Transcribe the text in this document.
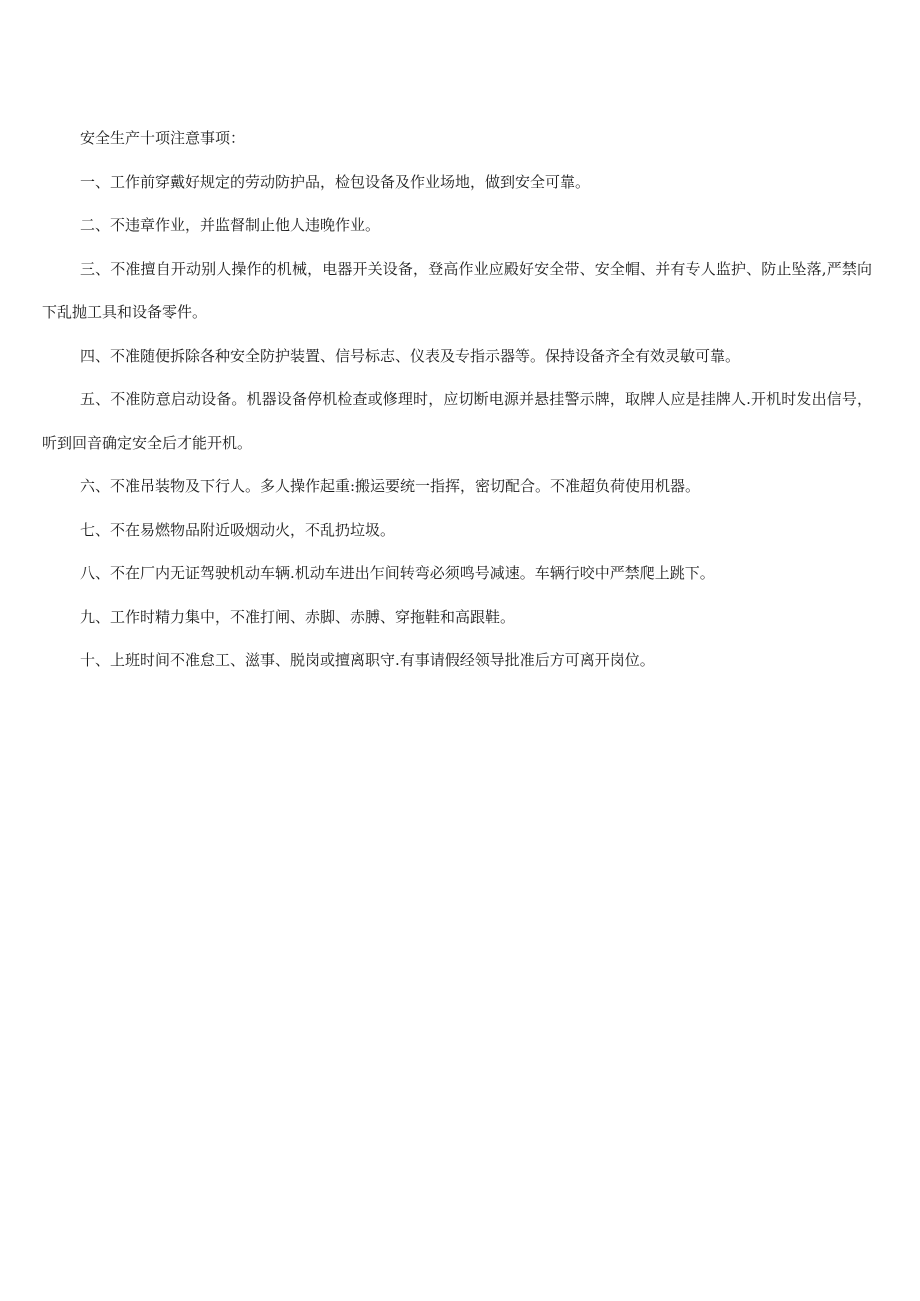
安全生产十项注意事项：

一、工作前穿戴好规定的劳动防护品，检包设备及作业场地，做到安全可靠。

二、不违章作业，并监督制止他人违晚作业。

三、不准擅自开动别人操作的机械，电器开关设备，登高作业应殿好安全带、安全帽、并有专人监护、防止坠落,严禁向下乱抛工具和设备零件。

四、不准随便拆除各种安全防护装置、信号标志、仪表及专指示器等。保持设备齐全有效灵敏可靠。

五、不准防意启动设备。机器设备停机检查或修理时，应切断电源并悬挂警示牌，取牌人应是挂牌人.开机时发出信号，听到回音确定安全后才能开机。

六、不准吊装物及下行人。多人操作起重:搬运要统一指挥，密切配合。不准超负荷使用机器。

七、不在易燃物品附近吸烟动火，不乱扔垃圾。

八、不在厂内无证驾驶机动车辆.机动车进出乍间转弯必须鸣号减速。车辆行咬中严禁爬上跳下。

九、工作时精力集中，不准打闸、赤脚、赤膊、穿拖鞋和高跟鞋。

十、上班时间不准怠工、滋事、脱岗或擅离职守.有事请假经领导批准后方可离开岗位。
